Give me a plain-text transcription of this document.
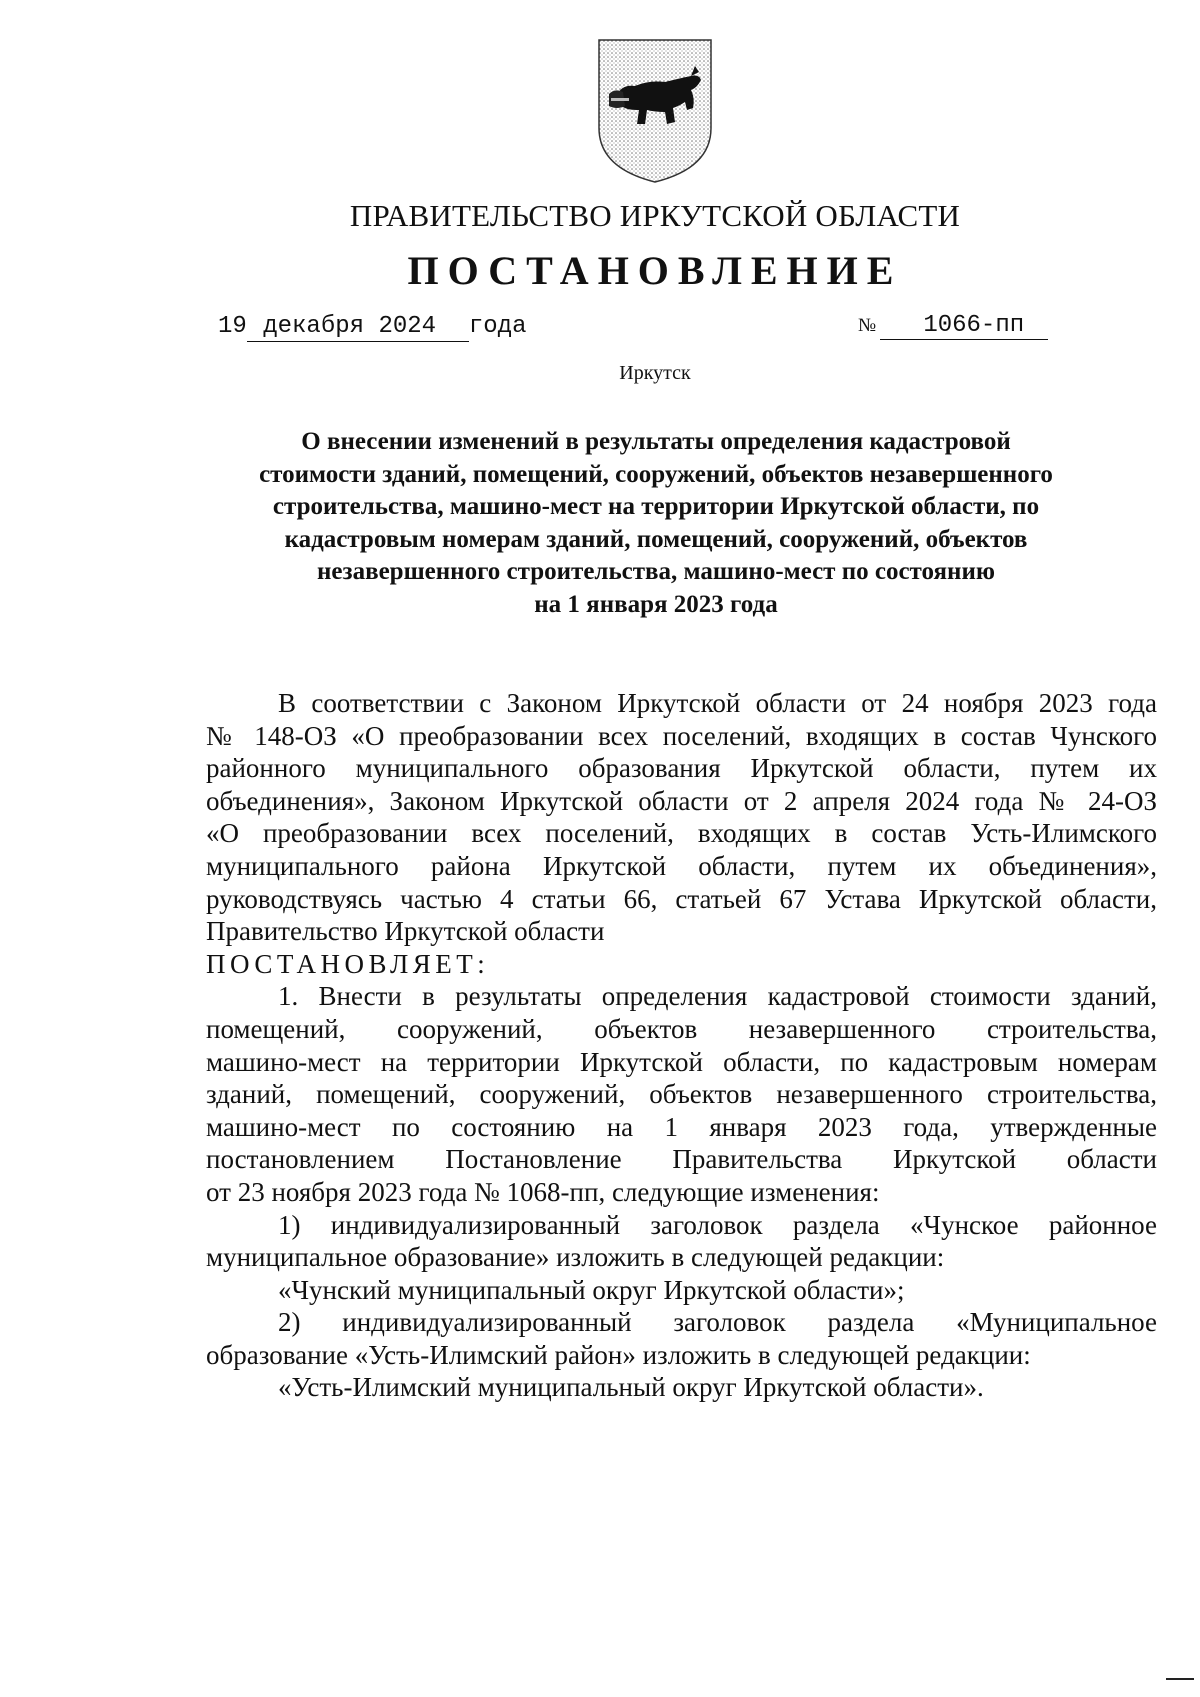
ПРАВИТЕЛЬСТВО ИРКУТСКОЙ ОБЛАСТИ
ПОСТАНОВЛЕНИЕ
19 декабря 2024 года	№ 1066-пп
Иркутск
О внесении изменений в результаты определения кадастровой
стоимости зданий, помещений, сооружений, объектов незавершенного
строительства, машино-мест на территории Иркутской области, по
кадастровым номерам зданий, помещений, сооружений, объектов
незавершенного строительства, машино-мест по состоянию
на 1 января 2023 года
В соответствии с Законом Иркутской области от 24 ноября 2023 года
№ 148-ОЗ «О преобразовании всех поселений, входящих в состав Чунского
районного муниципального образования Иркутской области, путем их
объединения», Законом Иркутской области от 2 апреля 2024 года № 24-ОЗ
«О преобразовании всех поселений, входящих в состав Усть-Илимского
муниципального района Иркутской области, путем их объединения»,
руководствуясь частью 4 статьи 66, статьей 67 Устава Иркутской области,
Правительство Иркутской области
ПОСТАНОВЛЯЕТ:
1. Внести в результаты определения кадастровой стоимости зданий,
помещений, сооружений, объектов незавершенного строительства,
машино-мест на территории Иркутской области, по кадастровым номерам
зданий, помещений, сооружений, объектов незавершенного строительства,
машино-мест по состоянию на 1 января 2023 года, утвержденные
постановлением Постановление Правительства Иркутской области
от 23 ноября 2023 года № 1068-пп, следующие изменения:
1) индивидуализированный заголовок раздела «Чунское районное
муниципальное образование» изложить в следующей редакции:
«Чунский муниципальный округ Иркутской области»;
2) индивидуализированный заголовок раздела «Муниципальное
образование «Усть-Илимский район» изложить в следующей редакции:
«Усть-Илимский муниципальный округ Иркутской области».
